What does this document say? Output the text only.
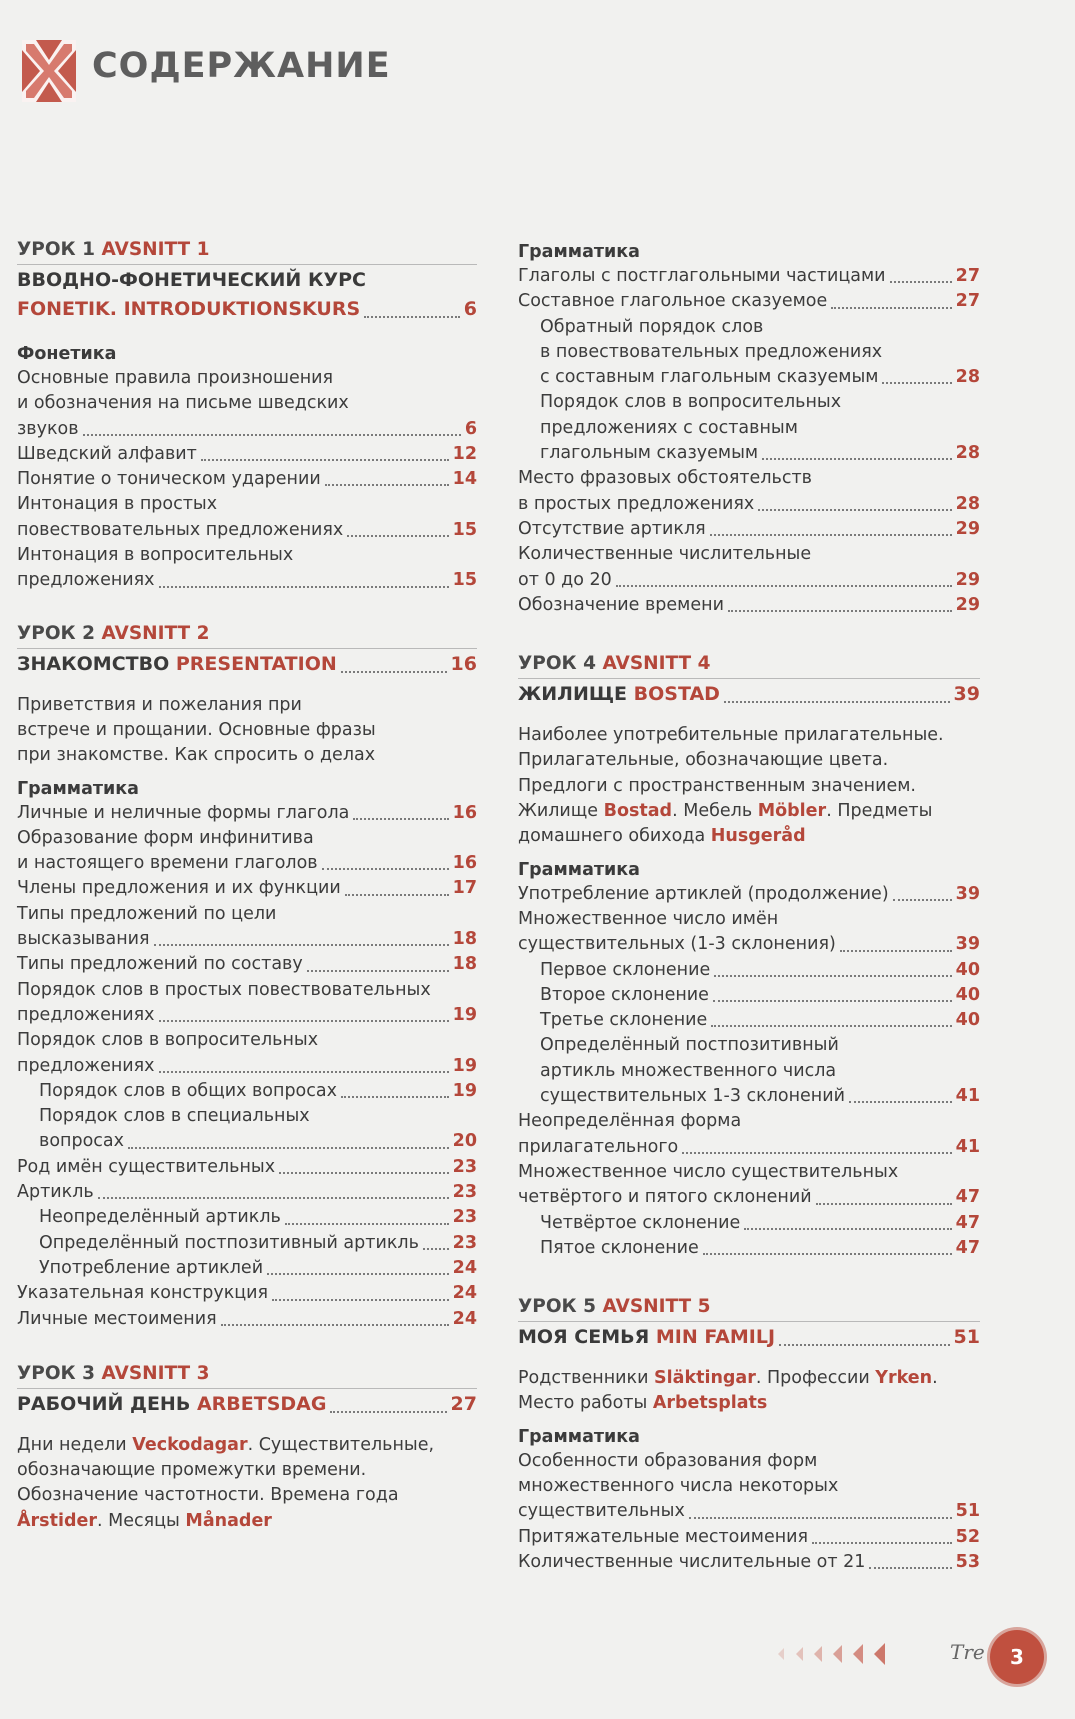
СОДЕРЖАНИЕ
УРОК 1 AVSNITT 1
ВВОДНО-ФОНЕТИЧЕСКИЙ КУРС
FONETIK. INTRODUKTIONSKURS	6
Фонетика
Основные правила произношения
и обозначения на письме шведских
звуков	6
Шведский алфавит	12
Понятие о тоническом ударении	14
Интонация в простых
повествовательных предложениях	15
Интонация в вопросительных
предложениях	15
УРОК 2 AVSNITT 2
ЗНАКОМСТВО PRESENTATION	16
Приветствия и пожелания при встрече и прощании. Основные фразы при знакомстве. Как спросить о делах
Грамматика
Личные и неличные формы глагола	16
Образование форм инфинитива
и настоящего времени глаголов	16
Члены предложения и их функции	17
Типы предложений по цели
высказывания	18
Типы предложений по составу	18
Порядок слов в простых повествовательных
предложениях	19
Порядок слов в вопросительных
предложениях	19
Порядок слов в общих вопросах	19
Порядок слов в специальных
вопросах	20
Род имён существительных	23
Артикль	23
Неопределённый артикль	23
Определённый постпозитивный артикль 23
Употребление артиклей	24
Указательная конструкция	24
Личные местоимения	24
УРОК 3 AVSNITT 3
РАБОЧИЙ ДЕНЬ ARBETSDAG	27
Дни недели Veckodagar. Существительные, обозначающие промежутки времени. Обозначение частотности. Времена года Årstider. Месяцы Månader
Грамматика
Глаголы с постглагольными частицами	27
Составное глагольное сказуемое	27
Обратный порядок слов
в повествовательных предложениях
с составным глагольным сказуемым	28
Порядок слов в вопросительных
предложениях с составным
глагольным сказуемым	28
Место фразовых обстоятельств
в простых предложениях	28
Отсутствие артикля	29
Количественные числительные
от 0 до 20	29
Обозначение времени	29
УРОК 4 AVSNITT 4
ЖИЛИЩЕ BOSTAD	39
Наиболее употребительные прилагательные. Прилагательные, обозначающие цвета. Предлоги с пространственным значением. Жилище Bostad. Мебель Möbler. Предметы домашнего обихода Husgeråd
Грамматика
Употребление артиклей (продолжение)	39
Множественное число имён
существительных (1-3 склонения)	39
Первое склонение	40
Второе склонение	40
Третье склонение	40
Определённый постпозитивный
артикль множественного числа
существительных 1-3 склонений	41
Неопределённая форма
прилагательного	41
Множественное число существительных
четвёртого и пятого склонений	47
Четвёртое склонение	47
Пятое склонение	47
УРОК 5 AVSNITT 5
МОЯ СЕМЬЯ MIN FAMILJ	51
Родственники Släktingar. Профессии Yrken. Место работы Arbetsplats
Грамматика
Особенности образования форм
множественного числа некоторых
существительных	51
Притяжательные местоимения	52
Количественные числительные от 21	53
Tre	3
